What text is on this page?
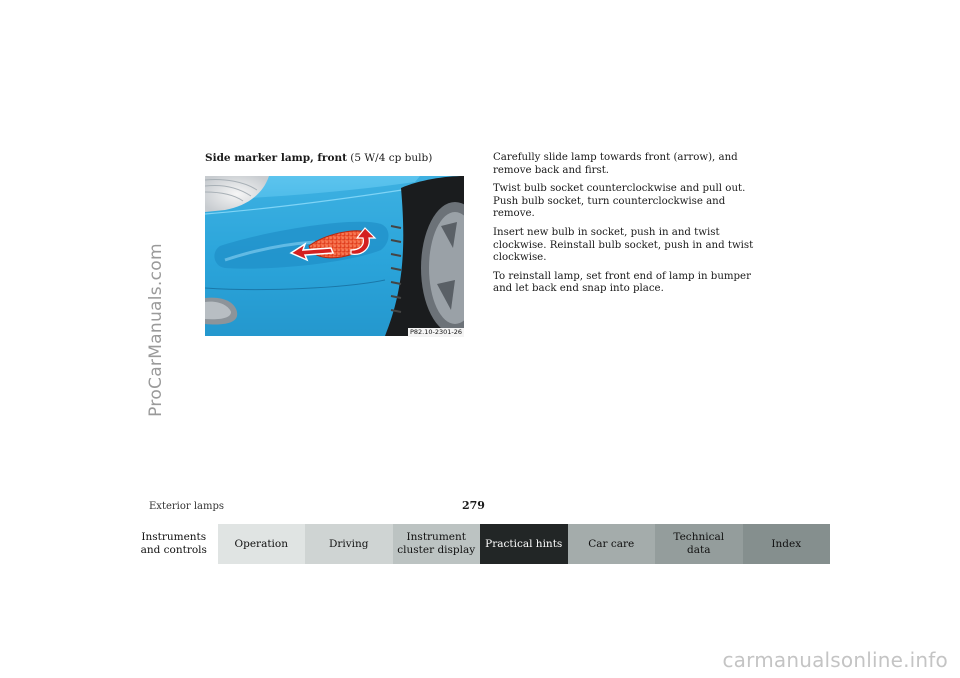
ProCarManuals.com
Side marker lamp, front (5 W/4 cp bulb)
P82.10-2301-26

Carefully slide lamp towards front (arrow), and remove back and first.

Twist bulb socket counterclockwise and pull out. Push bulb socket, turn counterclockwise and remove.

Insert new bulb in socket, push in and twist clockwise. Reinstall bulb socket, push in and twist clockwise.

To reinstall lamp, set front end of lamp in bumper and let back end snap into place.

Exterior lamps	279
Instruments
and controls
Operation	Driving
Instrument
cluster display
Practical hints	Car care
Technical
data
Index
carmanualsonline.info
